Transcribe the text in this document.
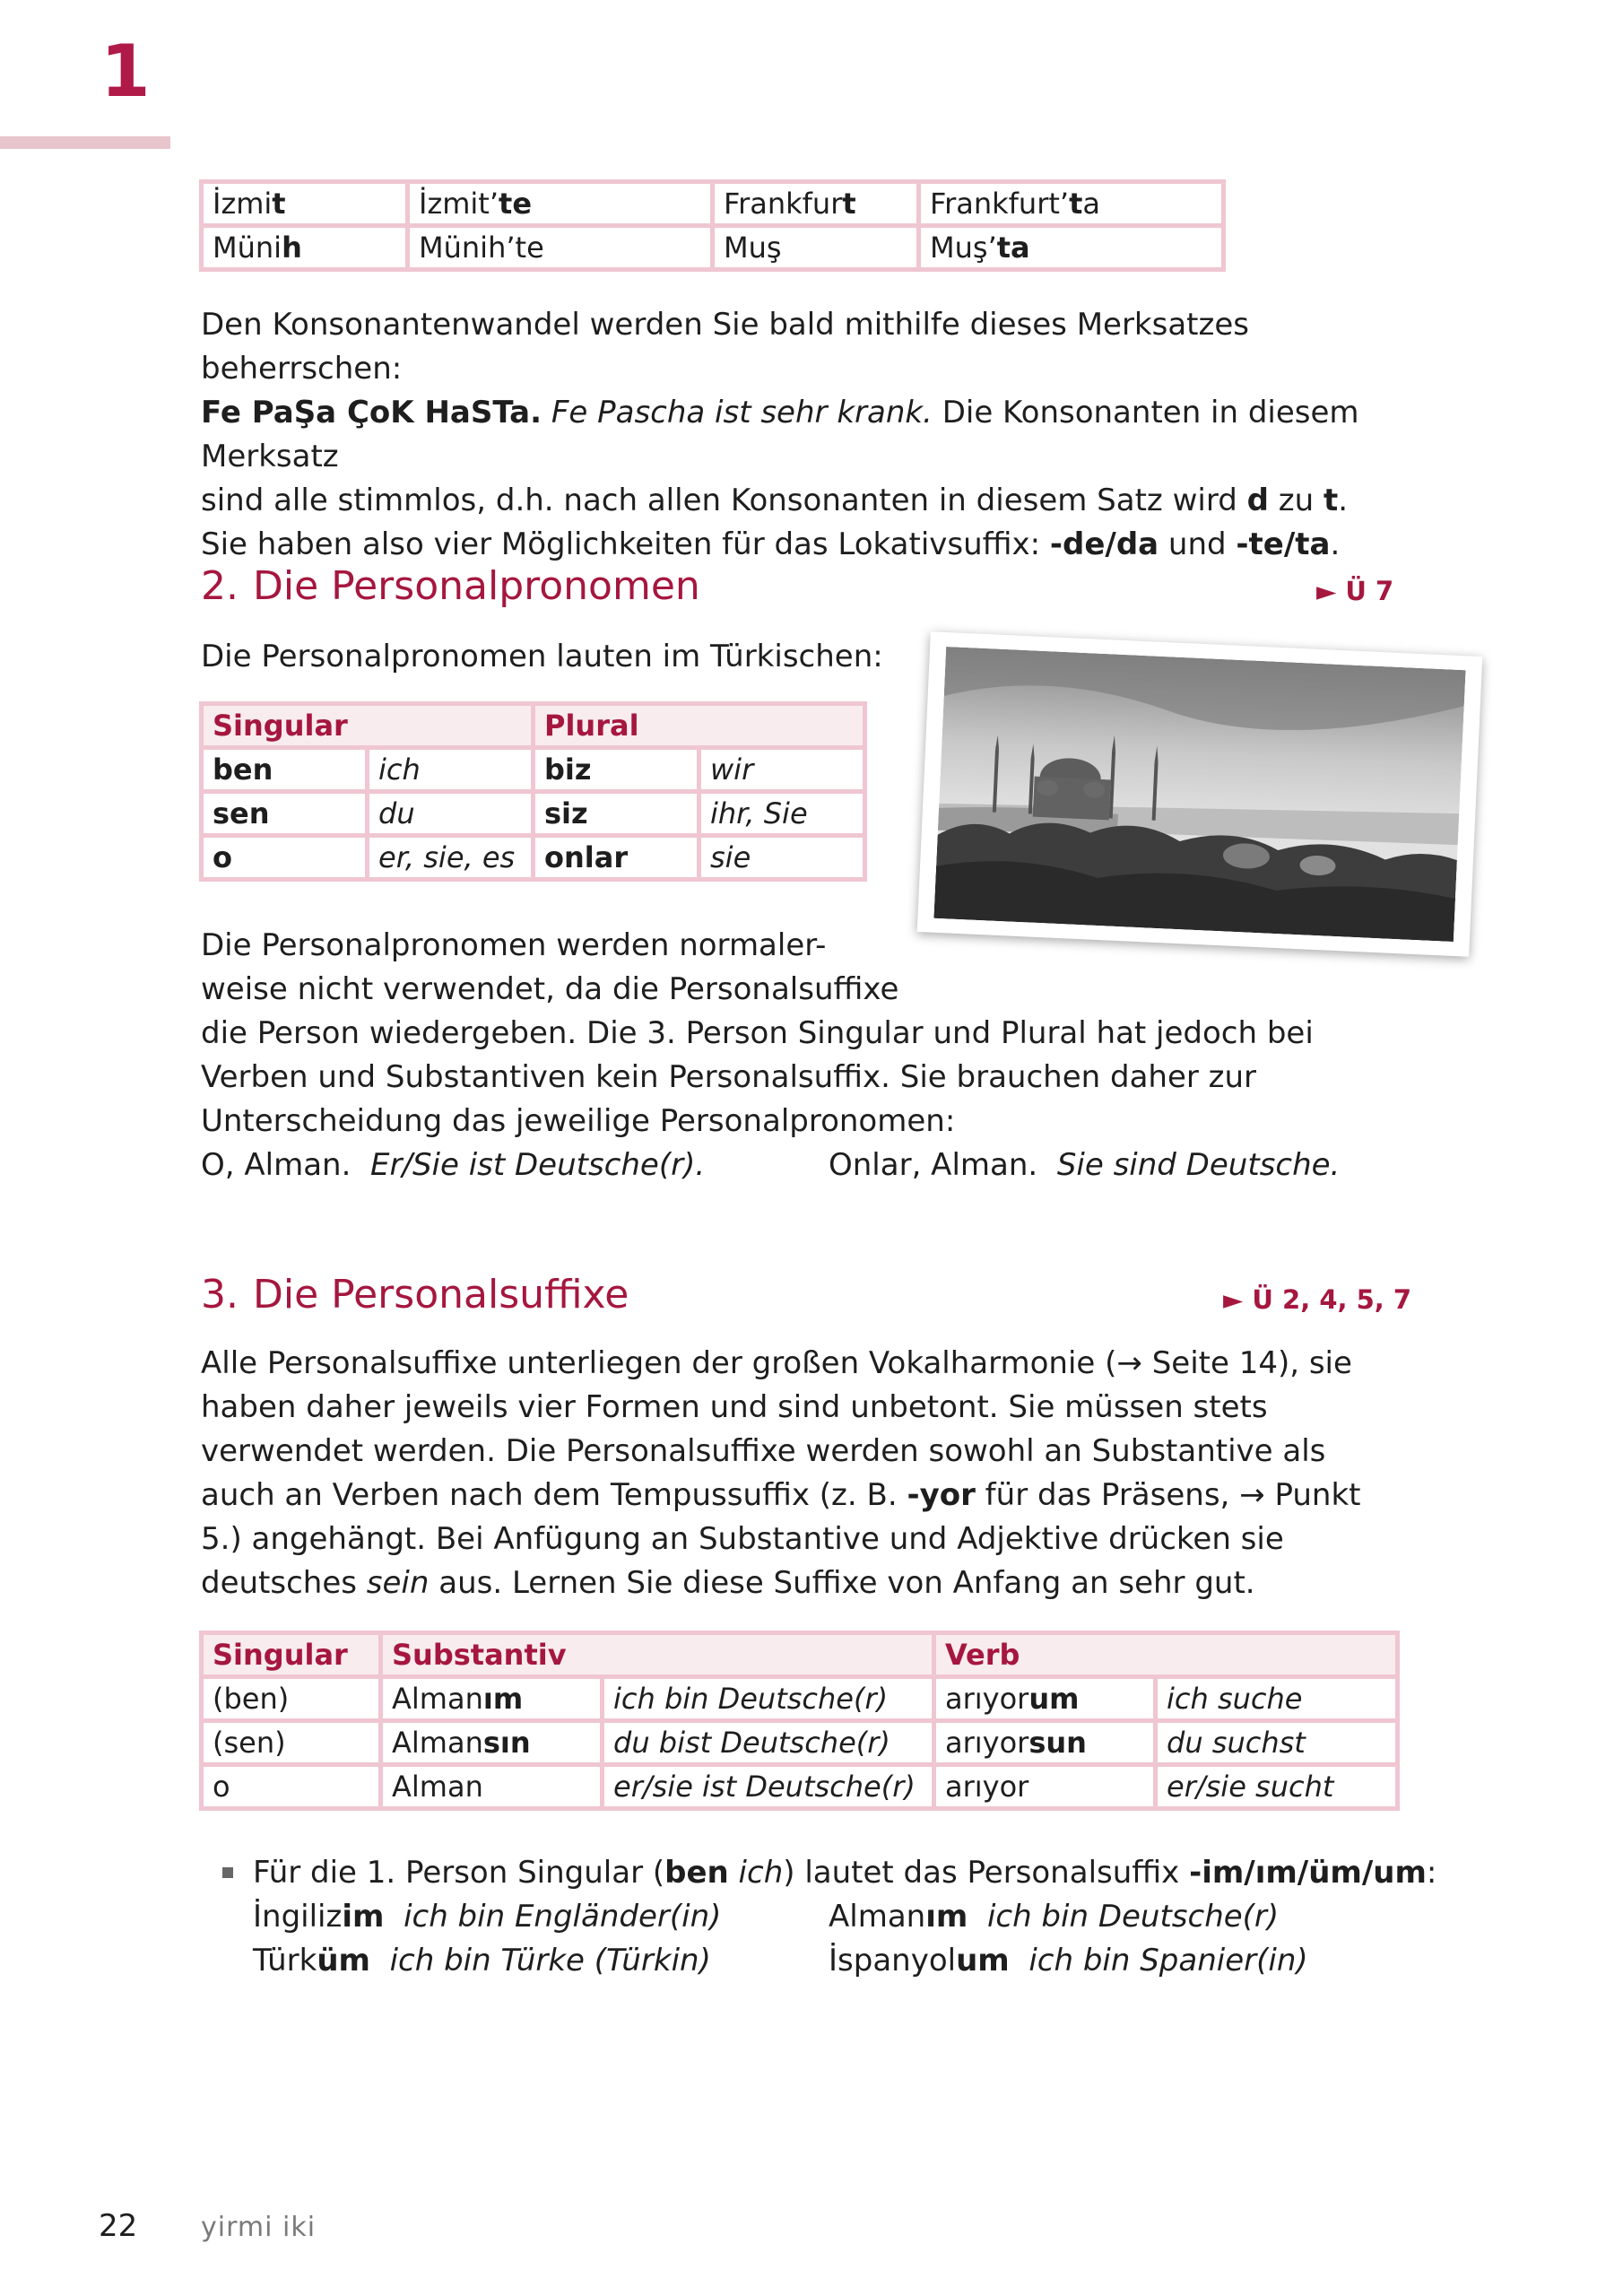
1
İzmit	İzmit’te	Frankfurt	Frankfurt’ta
Münih	Münih’te	Muş	Muş’ta

Den Konsonantenwandel werden Sie bald mithilfe dieses Merksatzes beherrschen:

Fe PaŞa ÇoK HaSTa. Fe Pascha ist sehr krank. Die Konsonanten in diesem Merksatz

sind alle stimmlos, d.h. nach allen Konsonanten in diesem Satz wird d zu t.

Sie haben also vier Möglichkeiten für das Lokativsuffix: -de/da und -te/ta.

2. Die Personalpronomen	► Ü 7
Die Personalpronomen lauten im Türkischen:
Singular		Plural	
ben	ich	biz	wir
sen	du	siz	ihr, Sie
o	er, sie, es	onlar	sie
Die Personalpronomen werden normaler-
weise nicht verwendet, da die Personalsuffixe
die Person wiedergeben. Die 3. Person Singular und Plural hat jedoch bei Verben und Substantiven kein Personalsuffix. Sie brauchen daher zur Unterscheidung das jeweilige Personalpronomen:
O, Alman. Er/Sie ist Deutsche(r).	Onlar, Alman. Sie sind Deutsche.
3. Die Personalsuffixe	► Ü 2, 4, 5, 7
Alle Personalsuffixe unterliegen der großen Vokalharmonie (→ Seite 14), sie haben daher jeweils vier Formen und sind unbetont. Sie müssen stets verwendet werden. Die Personalsuffixe werden sowohl an Substantive als auch an Verben nach dem Tempussuffix (z. B. -yor für das Präsens, → Punkt 5.) angehängt. Bei Anfügung an Substantive und Adjektive drücken sie deutsches sein aus. Lernen Sie diese Suffixe von Anfang an sehr gut.
Singular	Substantiv		Verb	
(ben)	Almanım	ich bin Deutsche(r)	arıyorum	ich suche
(sen)	Almansın	du bist Deutsche(r)	arıyorsun	du suchst
o	Alman	er/sie ist Deutsche(r)	arıyor	er/sie sucht
Für die 1. Person Singular (ben ich) lautet das Personalsuffix -im/ım/üm/um:
İngilizim ich bin Engländer(in)	Almanım ich bin Deutsche(r)
Türküm ich bin Türke (Türkin)	İspanyolum ich bin Spanier(in)
22 yirmi iki
